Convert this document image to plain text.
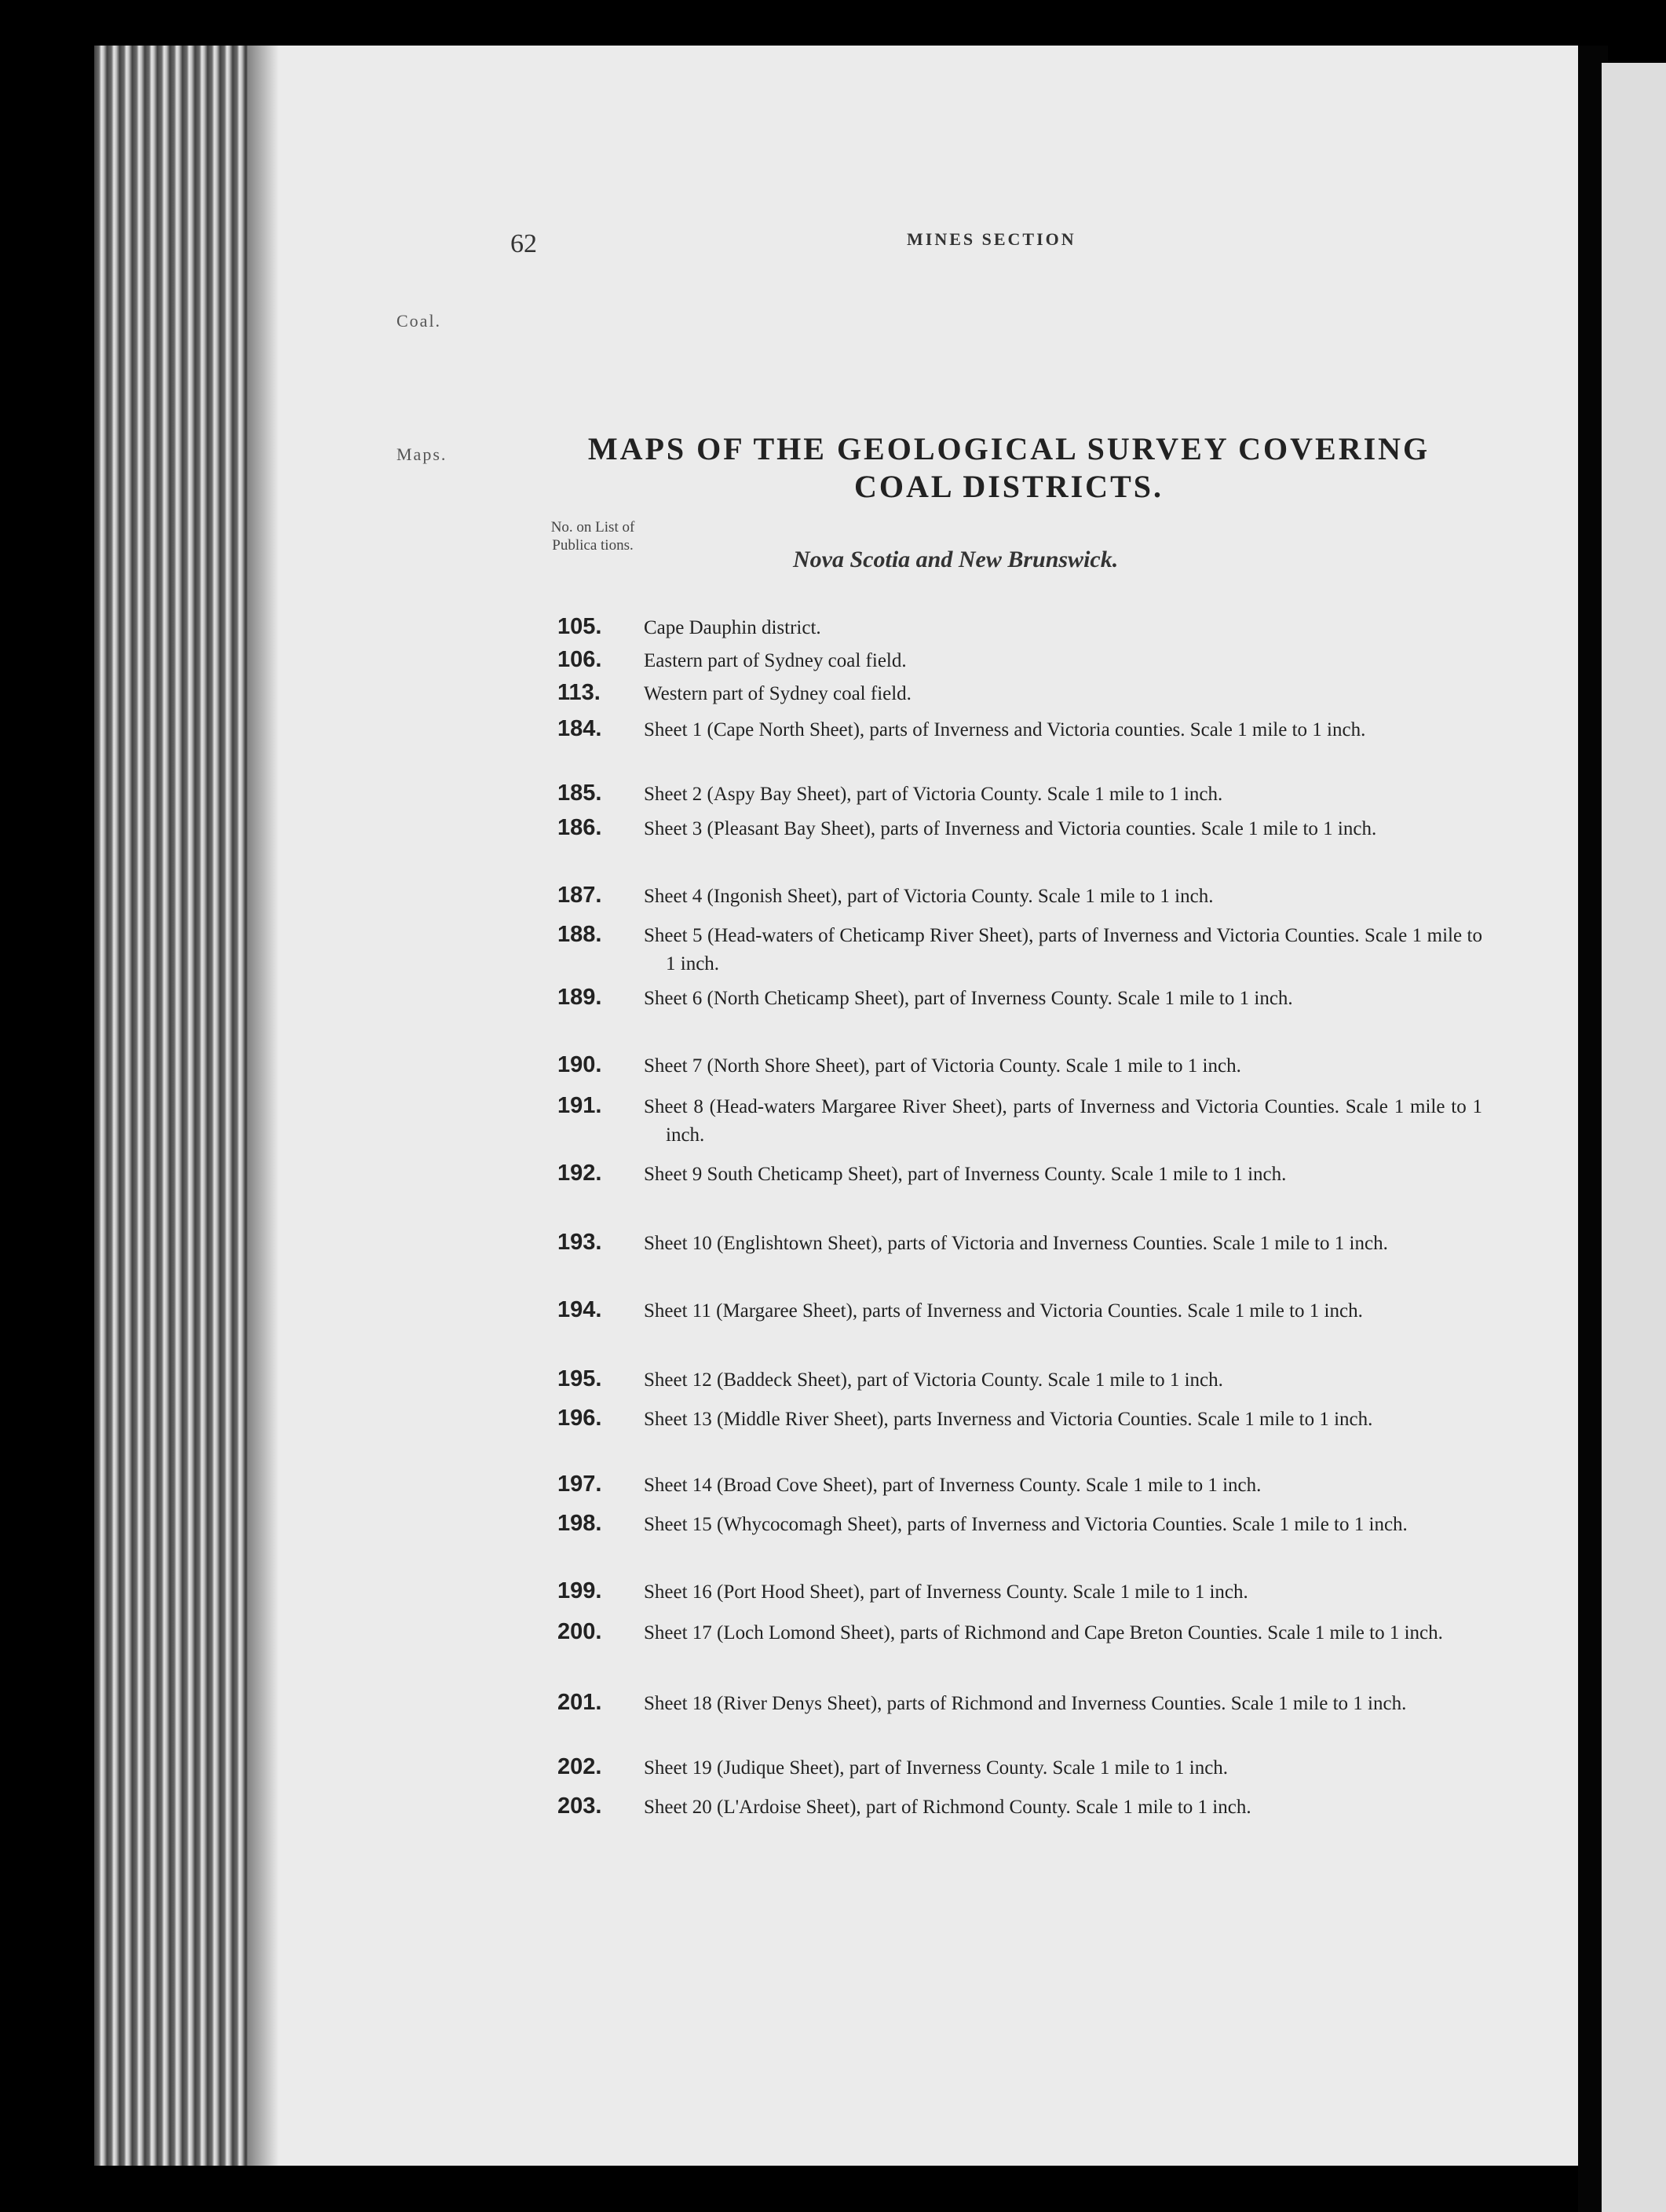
62	MINES SECTION
Coal.
Maps.	MAPS OF THE GEOLOGICAL SURVEY COVERING COAL DISTRICTS.
No. on List of Publica tions.
Nova Scotia and New Brunswick.
105.	Cape Dauphin district.
106.	Eastern part of Sydney coal field.
113.	Western part of Sydney coal field.
184.	Sheet 1 (Cape North Sheet), parts of Inverness and Victoria counties. Scale 1 mile to 1 inch.
185.	Sheet 2 (Aspy Bay Sheet), part of Victoria County. Scale 1 mile to 1 inch.
186.	Sheet 3 (Pleasant Bay Sheet), parts of Inverness and Victoria counties. Scale 1 mile to 1 inch.
187.	Sheet 4 (Ingonish Sheet), part of Victoria County. Scale 1 mile to 1 inch.
188.	Sheet 5 (Head-waters of Cheticamp River Sheet), parts of Inverness and Victoria Counties. Scale 1 mile to 1 inch.
189.	Sheet 6 (North Cheticamp Sheet), part of Inverness County. Scale 1 mile to 1 inch.
190.	Sheet 7 (North Shore Sheet), part of Victoria County. Scale 1 mile to 1 inch.
191.	Sheet 8 (Head-waters Margaree River Sheet), parts of Inverness and Victoria Counties. Scale 1 mile to 1 inch.
192.	Sheet 9 South Cheticamp Sheet), part of Inverness County. Scale 1 mile to 1 inch.
193.	Sheet 10 (Englishtown Sheet), parts of Victoria and Inverness Counties. Scale 1 mile to 1 inch.
194.	Sheet 11 (Margaree Sheet), parts of Inverness and Victoria Counties. Scale 1 mile to 1 inch.
195.	Sheet 12 (Baddeck Sheet), part of Victoria County. Scale 1 mile to 1 inch.
196.	Sheet 13 (Middle River Sheet), parts Inverness and Victoria Counties. Scale 1 mile to 1 inch.
197.	Sheet 14 (Broad Cove Sheet), part of Inverness County. Scale 1 mile to 1 inch.
198.	Sheet 15 (Whycocomagh Sheet), parts of Inverness and Victoria Counties. Scale 1 mile to 1 inch.
199.	Sheet 16 (Port Hood Sheet), part of Inverness County. Scale 1 mile to 1 inch.
200.	Sheet 17 (Loch Lomond Sheet), parts of Richmond and Cape Breton Counties. Scale 1 mile to 1 inch.
201.	Sheet 18 (River Denys Sheet), parts of Richmond and Inverness Counties. Scale 1 mile to 1 inch.
202.	Sheet 19 (Judique Sheet), part of Inverness County. Scale 1 mile to 1 inch.
203.	Sheet 20 (L'Ardoise Sheet), part of Richmond County. Scale 1 mile to 1 inch.
